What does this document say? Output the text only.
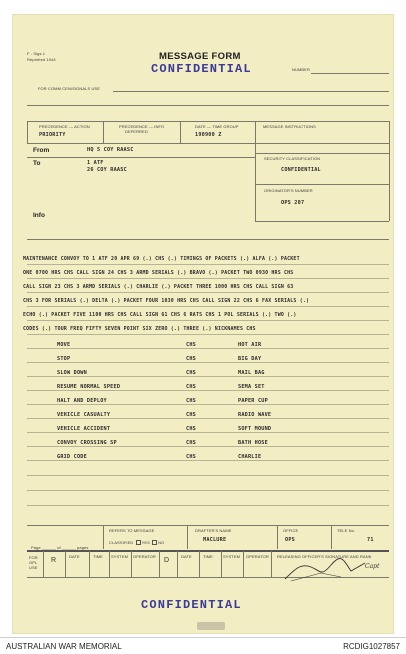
F - Sigs 1
Reprinted 1944	MESSAGE FORM
CONFIDENTIAL	NUMBER
FOR COMM CEN/SIGNALS USE
PRECEDENCE — ACTION	PRECEDENCE — INFO
DEFERRED
DATE — TIME GROUP	MESSAGE INSTRUCTIONS
PRIORITY	190900 Z
From	HQ 5 COY RAASC
To	1 ATF
26 COY RAASC
SECURITY CLASSIFICATION
CONFIDENTIAL
ORIGINATOR'S NUMBER
OPS 207
Info
MAINTENANCE CONVOY TO 1 ATF 20 APR 69 (.) CHS (.) TIMINGS OF PACKETS (.) ALFA (.) PACKET
ONE 0700 HRS CHS CALL SIGN 24 CHS 3 ARMD SERIALS (.) BRAVO (.) PACKET TWO 0930 HRS CHS
CALL SIGN 23 CHS 3 ARMD SERIALS (.) CHARLIE (.) PACKET THREE 1000 HRS CHS CALL SIGN 63
CHS 3 FOR SERIALS (.) DELTA (.) PACKET FOUR 1030 HRS CHS CALL SIGN 22 CHS 6 FAX SERIALS (.)
ECHO (.) PACKET FIVE 1100 HRS CHS CALL SIGN 61 CHS 6 RATS CHS 1 POL SERIALS (.) TWO (.)
CODES (.) TOUR FREQ FIFTY SEVEN POINT SIX ZERO (.) THREE (.) NICKNAMES CHS
MOVE	CHS	HOT AIR
STOP	CHS	BIG DAY
SLOW DOWN	CHS	MAIL BAG
RESUME NORMAL SPEED	CHS	SEMA SET
HALT AND DEPLOY	CHS	PAPER CUP
VEHICLE CASUALTY	CHS	RADIO WAVE
VEHICLE ACCIDENT	CHS	SOFT MOUND
CONVOY CROSSING SP	CHS	BATH HOSE
GRID CODE	CHS	CHARLIE
REFERS TO MESSAGE
CLASSIFIED YES NO
DRAFTER'S NAME
MACLURE
OFFICE
OPS
TELE No.
71
Page ______ of ______ pages
FOR OPL USE
R
DATE	TIME SYSTEM OPERATOR
D
DATE	TIME	SYSTEM OPERATOR RELEASING OFFICER'S SIGNATURE AND RANK
Capt
CONFIDENTIAL
AUSTRALIAN WAR MEMORIAL	RCDIG1027857
